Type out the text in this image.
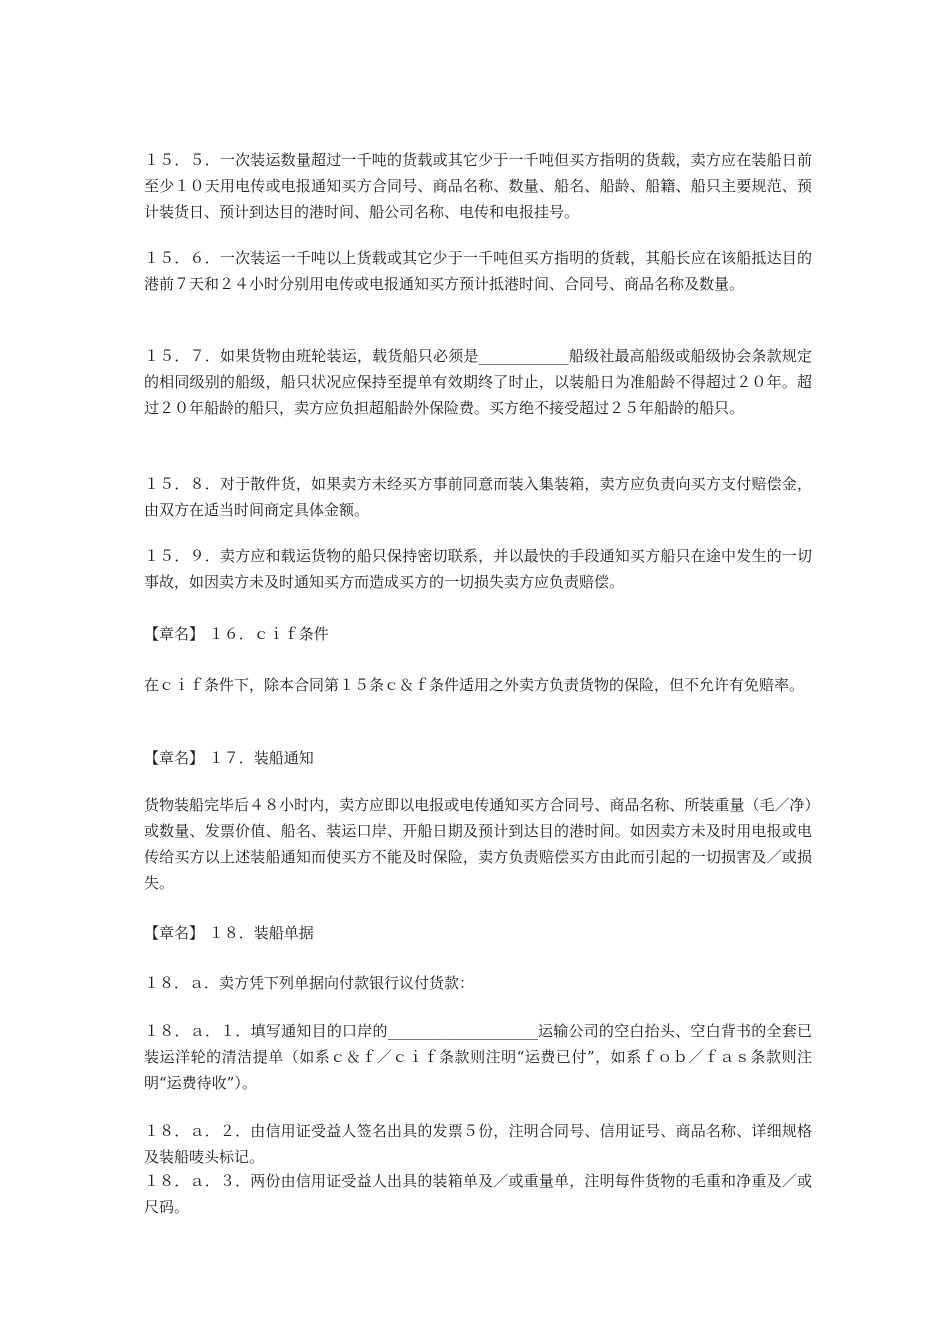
１５．５．一次装运数量超过一千吨的货载或其它少于一千吨但买方指明的货载，卖方应在装船日前至少１０天用电传或电报通知买方合同号、商品名称、数量、船名、船龄、船籍、船只主要规范、预计装货日、预计到达目的港时间、船公司名称、电传和电报挂号。

１５．６．一次装运一千吨以上货载或其它少于一千吨但买方指明的货载，其船长应在该船抵达目的港前７天和２４小时分别用电传或电报通知买方预计抵港时间、合同号、商品名称及数量。

１５．７．如果货物由班轮装运，载货船只必须是____________船级社最高船级或船级协会条款规定的相同级别的船级，船只状况应保持至提单有效期终了时止，以装船日为准船龄不得超过２０年。超过２０年船龄的船只，卖方应负担超船龄外保险费。买方绝不接受超过２５年船龄的船只。

１５．８．对于散件货，如果卖方未经买方事前同意而装入集装箱，卖方应负责向买方支付赔偿金，由双方在适当时间商定具体金额。

１５．９．卖方应和载运货物的船只保持密切联系，并以最快的手段通知买方船只在途中发生的一切事故，如因卖方未及时通知买方而造成买方的一切损失卖方应负责赔偿。

【章名】 １６．ｃｉｆ条件

在ｃｉｆ条件下，除本合同第１５条ｃ＆ｆ条件适用之外卖方负责货物的保险，但不允许有免赔率。

【章名】 １７．装船通知

货物装船完毕后４８小时内，卖方应即以电报或电传通知买方合同号、商品名称、所装重量（毛／净）或数量、发票价值、船名、装运口岸、开船日期及预计到达目的港时间。如因卖方未及时用电报或电传给买方以上述装船通知而使买方不能及时保险，卖方负责赔偿买方由此而引起的一切损害及／或损失。

【章名】 １８．装船单据

１８．ａ．卖方凭下列单据向付款银行议付货款：

１８．ａ．１．填写通知目的口岸的____________________运输公司的空白抬头、空白背书的全套已装运洋轮的清洁提单（如系ｃ＆ｆ／ｃｉｆ条款则注明“运费已付”，如系ｆｏｂ／ｆａｓ条款则注明“运费待收”）。

１８．ａ．２．由信用证受益人签名出具的发票５份，注明合同号、信用证号、商品名称、详细规格及装船唛头标记。

１８．ａ．３．两份由信用证受益人出具的装箱单及／或重量单，注明每件货物的毛重和净重及／或尺码。
